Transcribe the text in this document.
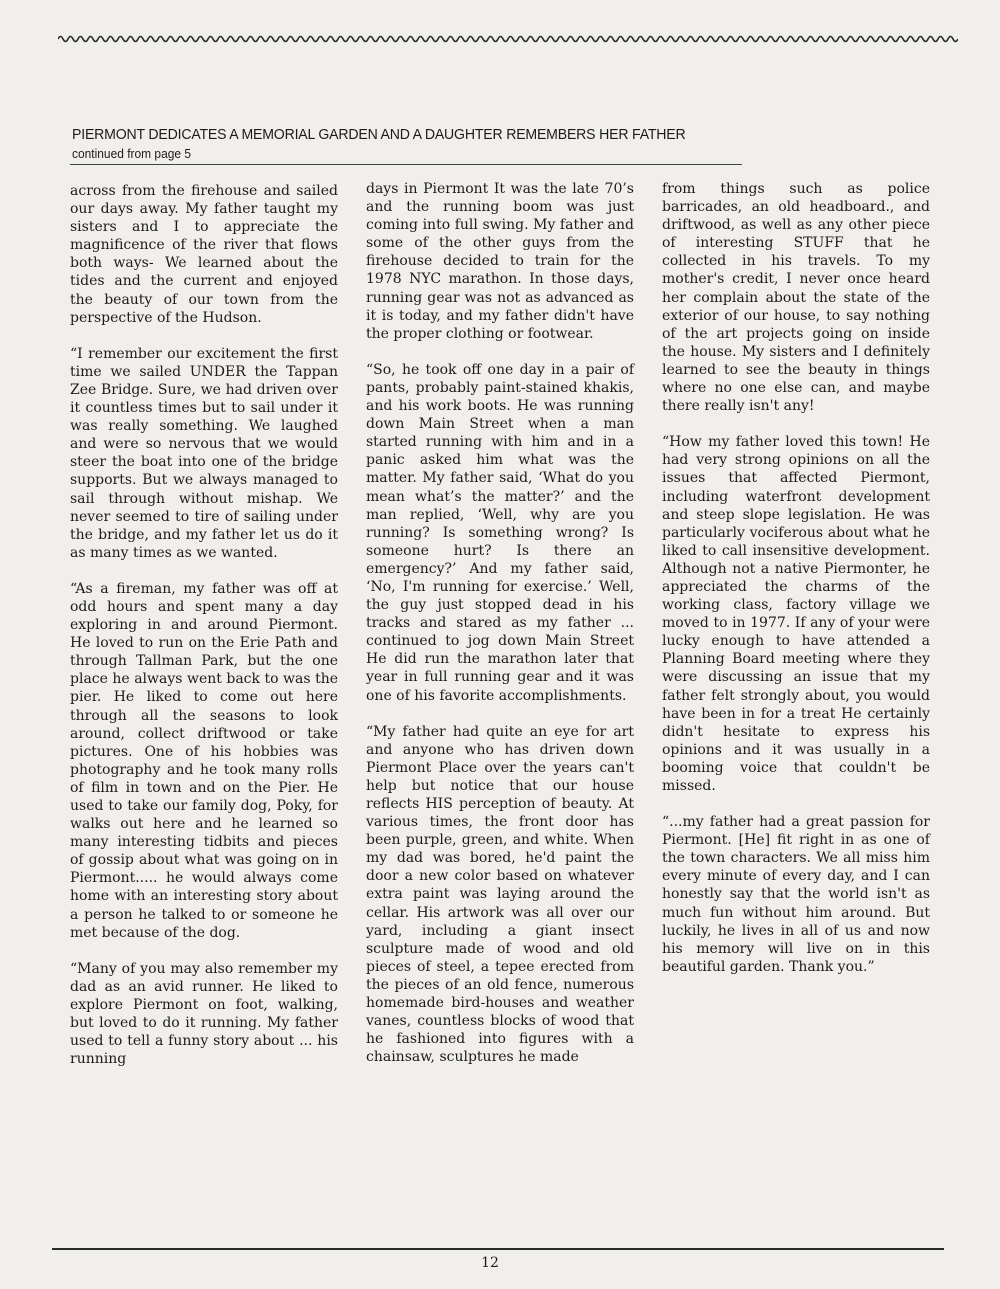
PIERMONT DEDICATES A MEMORIAL GARDEN AND A DAUGHTER REMEMBERS HER FATHER
continued from page 5

across from the firehouse and sailed our days away. My father taught my sisters and I to appreciate the magnificence of the river that flows both ways- We learned about the tides and the current and enjoyed the beauty of our town from the perspective of the Hudson.

“I remember our excitement the first time we sailed UNDER the Tappan Zee Bridge. Sure, we had driven over it countless times but to sail under it was really something. We laughed and were so nervous that we would steer the boat into one of the bridge supports. But we always managed to sail through without mishap. We never seemed to tire of sailing under the bridge, and my father let us do it as many times as we wanted.

“As a fireman, my father was off at odd hours and spent many a day exploring in and around Piermont. He loved to run on the Erie Path and through Tallman Park, but the one place he always went back to was the pier. He liked to come out here through all the seasons to look around, collect driftwood or take pictures. One of his hobbies was photography and he took many rolls of film in town and on the Pier. He used to take our family dog, Poky, for walks out here and he learned so many interesting tidbits and pieces of gossip about what was going on in Piermont..... he would always come home with an interesting story about a person he talked to or someone he met because of the dog.

“Many of you may also remember my dad as an avid runner. He liked to explore Piermont on foot, walking, but loved to do it running. My father used to tell a funny story about ... his running

days in Piermont It was the late 70’s and the running boom was just coming into full swing. My father and some of the other guys from the firehouse decided to train for the 1978 NYC marathon. In those days, running gear was not as advanced as it is today, and my father didn't have the proper clothing or footwear.

“So, he took off one day in a pair of pants, probably paint-stained khakis, and his work boots. He was running down Main Street when a man started running with him and in a panic asked him what was the matter. My father said, ‘What do you mean what’s the matter?’ and the man replied, ‘Well, why are you running? Is something wrong? Is someone hurt? Is there an emergency?’ And my father said, ‘No, I'm running for exercise.’ Well, the guy just stopped dead in his tracks and stared as my father ... continued to jog down Main Street He did run the marathon later that year in full running gear and it was one of his favorite accomplishments.

“My father had quite an eye for art and anyone who has driven down Piermont Place over the years can't help but notice that our house reflects HIS perception of beauty. At various times, the front door has been purple, green, and white. When my dad was bored, he'd paint the door a new color based on whatever extra paint was laying around the cellar. His artwork was all over our yard, including a giant insect sculpture made of wood and old pieces of steel, a tepee erected from the pieces of an old fence, numerous homemade bird-houses and weather vanes, countless blocks of wood that he fashioned into figures with a chainsaw, sculptures he made

from things such as police barricades, an old headboard., and driftwood, as well as any other piece of interesting STUFF that he collected in his travels. To my mother's credit, I never once heard her complain about the state of the exterior of our house, to say nothing of the art projects going on inside the house. My sisters and I definitely learned to see the beauty in things where no one else can, and maybe there really isn't any!

“How my father loved this town! He had very strong opinions on all the issues that affected Piermont, including waterfront development and steep slope legislation. He was particularly vociferous about what he liked to call insensitive development. Although not a native Piermonter, he appreciated the charms of the working class, factory village we moved to in 1977. If any of your were lucky enough to have attended a Planning Board meeting where they were discussing an issue that my father felt strongly about, you would have been in for a treat He certainly didn't hesitate to express his opinions and it was usually in a booming voice that couldn't be missed.

“...my father had a great passion for Piermont. [He] fit right in as one of the town characters. We all miss him every minute of every day, and I can honestly say that the world isn't as much fun without him around. But luckily, he lives in all of us and now his memory will live on in this beautiful garden. Thank you.”

12
